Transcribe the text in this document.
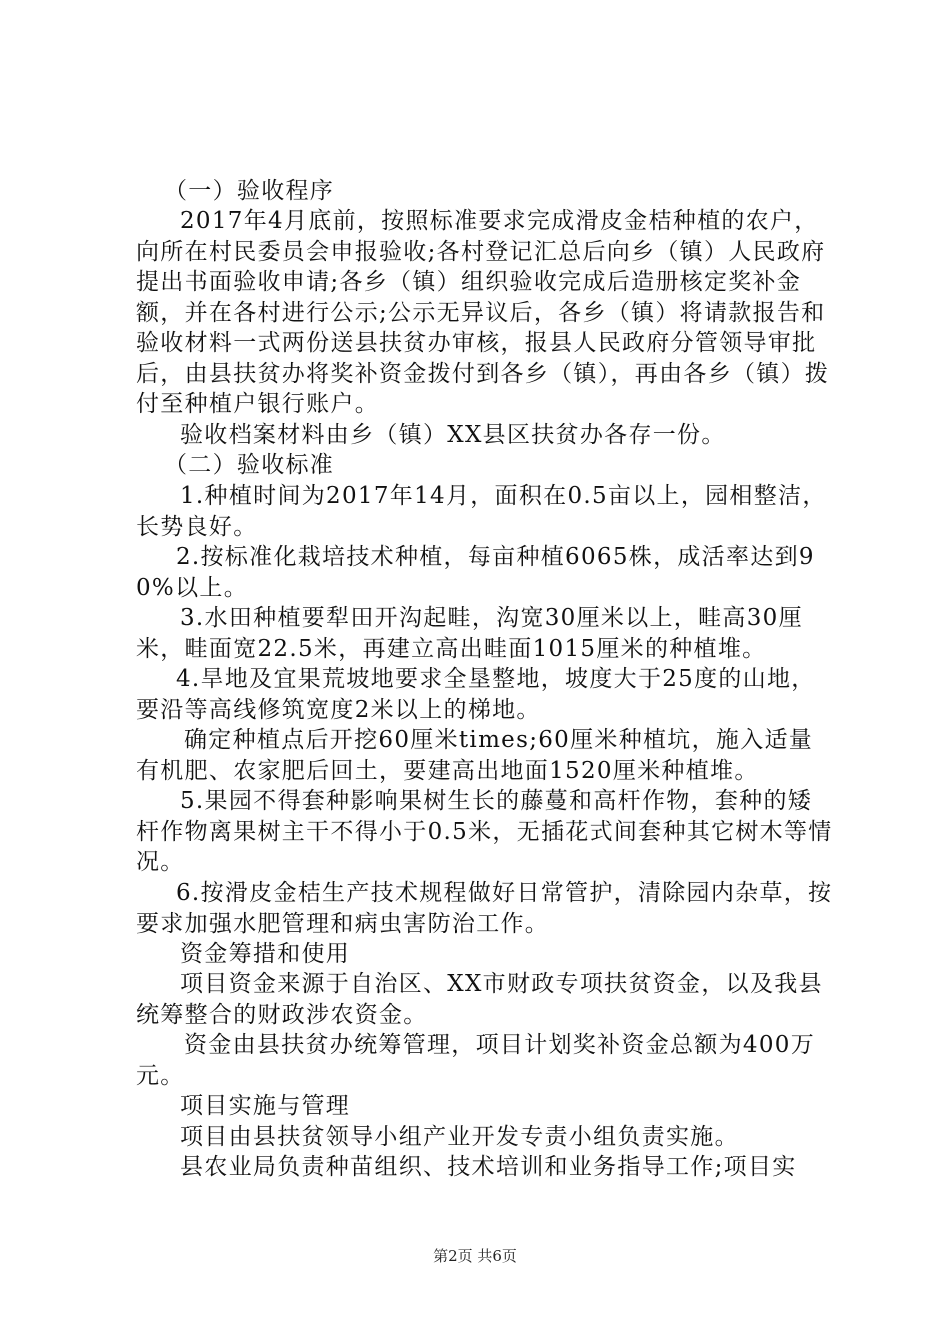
（一）验收程序

2017年4月底前，按照标准要求完成滑皮金桔种植的农户，向所在村民委员会申报验收;各村登记汇总后向乡（镇）人民政府提出书面验收申请;各乡（镇）组织验收完成后造册核定奖补金额，并在各村进行公示;公示无异议后，各乡（镇）将请款报告和验收材料一式两份送县扶贫办审核，报县人民政府分管领导审批后，由县扶贫办将奖补资金拨付到各乡（镇），再由各乡（镇）拨付至种植户银行账户。

验收档案材料由乡（镇）XX县区扶贫办各存一份。

（二）验收标准

1.种植时间为2017年14月，面积在0.5亩以上，园相整洁，长势良好。

2.按标准化栽培技术种植，每亩种植6065株，成活率达到90%以上。

3.水田种植要犁田开沟起畦，沟宽30厘米以上，畦高30厘米，畦面宽22.5米，再建立高出畦面1015厘米的种植堆。

4.旱地及宜果荒坡地要求全垦整地，坡度大于25度的山地，要沿等高线修筑宽度2米以上的梯地。

确定种植点后开挖60厘米times;60厘米种植坑，施入适量有机肥、农家肥后回土，要建高出地面1520厘米种植堆。

5.果园不得套种影响果树生长的藤蔓和高杆作物，套种的矮杆作物离果树主干不得小于0.5米，无插花式间套种其它树木等情况。

6.按滑皮金桔生产技术规程做好日常管护，清除园内杂草，按要求加强水肥管理和病虫害防治工作。

资金筹措和使用

项目资金来源于自治区、XX市财政专项扶贫资金，以及我县统筹整合的财政涉农资金。

资金由县扶贫办统筹管理，项目计划奖补资金总额为400万元。

项目实施与管理

项目由县扶贫领导小组产业开发专责小组负责实施。

县农业局负责种苗组织、技术培训和业务指导工作;项目实

第2页 共6页
